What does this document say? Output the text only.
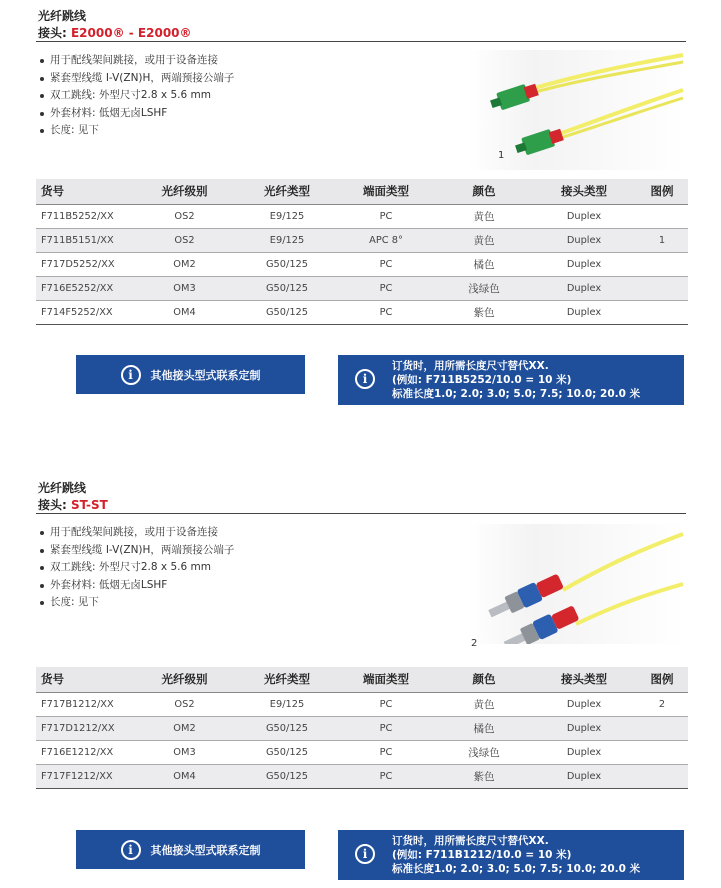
光纤跳线
接头: E2000® - E2000®
用于配线架间跳接，或用于设备连接
紧套型线缆 I-V(ZN)H，两端预接公端子
双工跳线: 外型尺寸2.8 x 5.6 mm
外套材料: 低烟无卤LSHF
长度: 见下
1
货号	光纤级别	光纤类型	端面类型	颜色	接头类型	图例
F711B5252/XX	OS2	E9/125	PC	黄色	Duplex	
F711B5151/XX	OS2	E9/125	APC 8°	黄色	Duplex	1
F717D5252/XX	OM2	G50/125	PC	橘色	Duplex	
F716E5252/XX	OM3	G50/125	PC	浅绿色	Duplex	
F714F5252/XX	OM4	G50/125	PC	紫色	Duplex	
i	其他接头型式联系定制	i
订货时，用所需长度尺寸替代XX.
(例如: F711B5252/10.0 = 10 米)
标准长度1.0; 2.0; 3.0; 5.0; 7.5; 10.0; 20.0 米
光纤跳线
接头: ST-ST
用于配线架间跳接，或用于设备连接
紧套型线缆 I-V(ZN)H，两端预接公端子
双工跳线: 外型尺寸2.8 x 5.6 mm
外套材料: 低烟无卤LSHF
长度: 见下
2
货号	光纤级别	光纤类型	端面类型	颜色	接头类型	图例
F717B1212/XX	OS2	E9/125	PC	黄色	Duplex	2
F717D1212/XX	OM2	G50/125	PC	橘色	Duplex	
F716E1212/XX	OM3	G50/125	PC	浅绿色	Duplex	
F717F1212/XX	OM4	G50/125	PC	紫色	Duplex	
i	其他接头型式联系定制	i
订货时，用所需长度尺寸替代XX.
(例如: F711B1212/10.0 = 10 米)
标准长度1.0; 2.0; 3.0; 5.0; 7.5; 10.0; 20.0 米
